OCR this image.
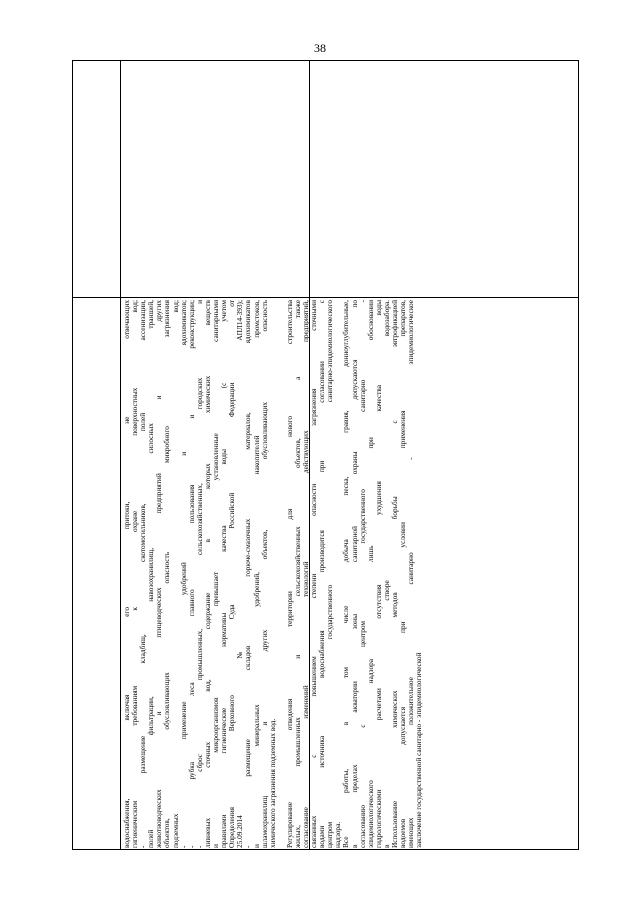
38

водоснабжения, включая его притоки, не отвечающих гигиеническим требованиям к охране поверхностных вод; - размещение кладбищ, скотомогильников, полей ассенизации, полей фильтрации, навозохранилищ, силосных траншей, животноводческих и птицеводческих предприятий и других объектов, обусловливающих опасность микробного загрязнения подземных вод; - применение удобрений и ядохимикатов; - рубка леса главного пользования и реконструкции; - сброс промышленных, сельскохозяйственных, городских и ливневых сточных вод, содержание в которых химических веществ и микроорганизмов превышает установленные санитарными правилами гигиенические нормативы качества воды (с учетом Определения Верховного Суда Российской Федерации от 25.09.2014 № АПЛ14-393); - размещение складов горюче-смазочных материалов, ядохимикатов и минеральных удобрений, накопителей промстоков, шламохранилищ и других объектов, обусловливающих опасность химического загрязнения подземных вод. Регулирование отведения территории для нового строительства жилых, промышленных и сельскохозяйственных объектов, а также согласование изменений технологий действующих предприятий, связанных с повышением степени опасности загрязнения сточными водами источника водоснабжения производится при согласовании с центром государственного санитарно-эпидемиологического надзора. Все работы, в том числе добыча песка, гравия, донноуглубительные, в пределах акватории зоны санитарной охраны допускаются по согласованию с центром государственного санитарно - эпидемиологического надзора лишь при обосновании гидрологическими расчетами отсутствия ухудшения качества воды в створе водозабора. Использование химических методов борьбы с эвтрофикацией водоемов допускается при условии применения препаратов, имеющих положительное санитарно - эпидемиологическое заключение государственной санитарно - эпидемиологической
